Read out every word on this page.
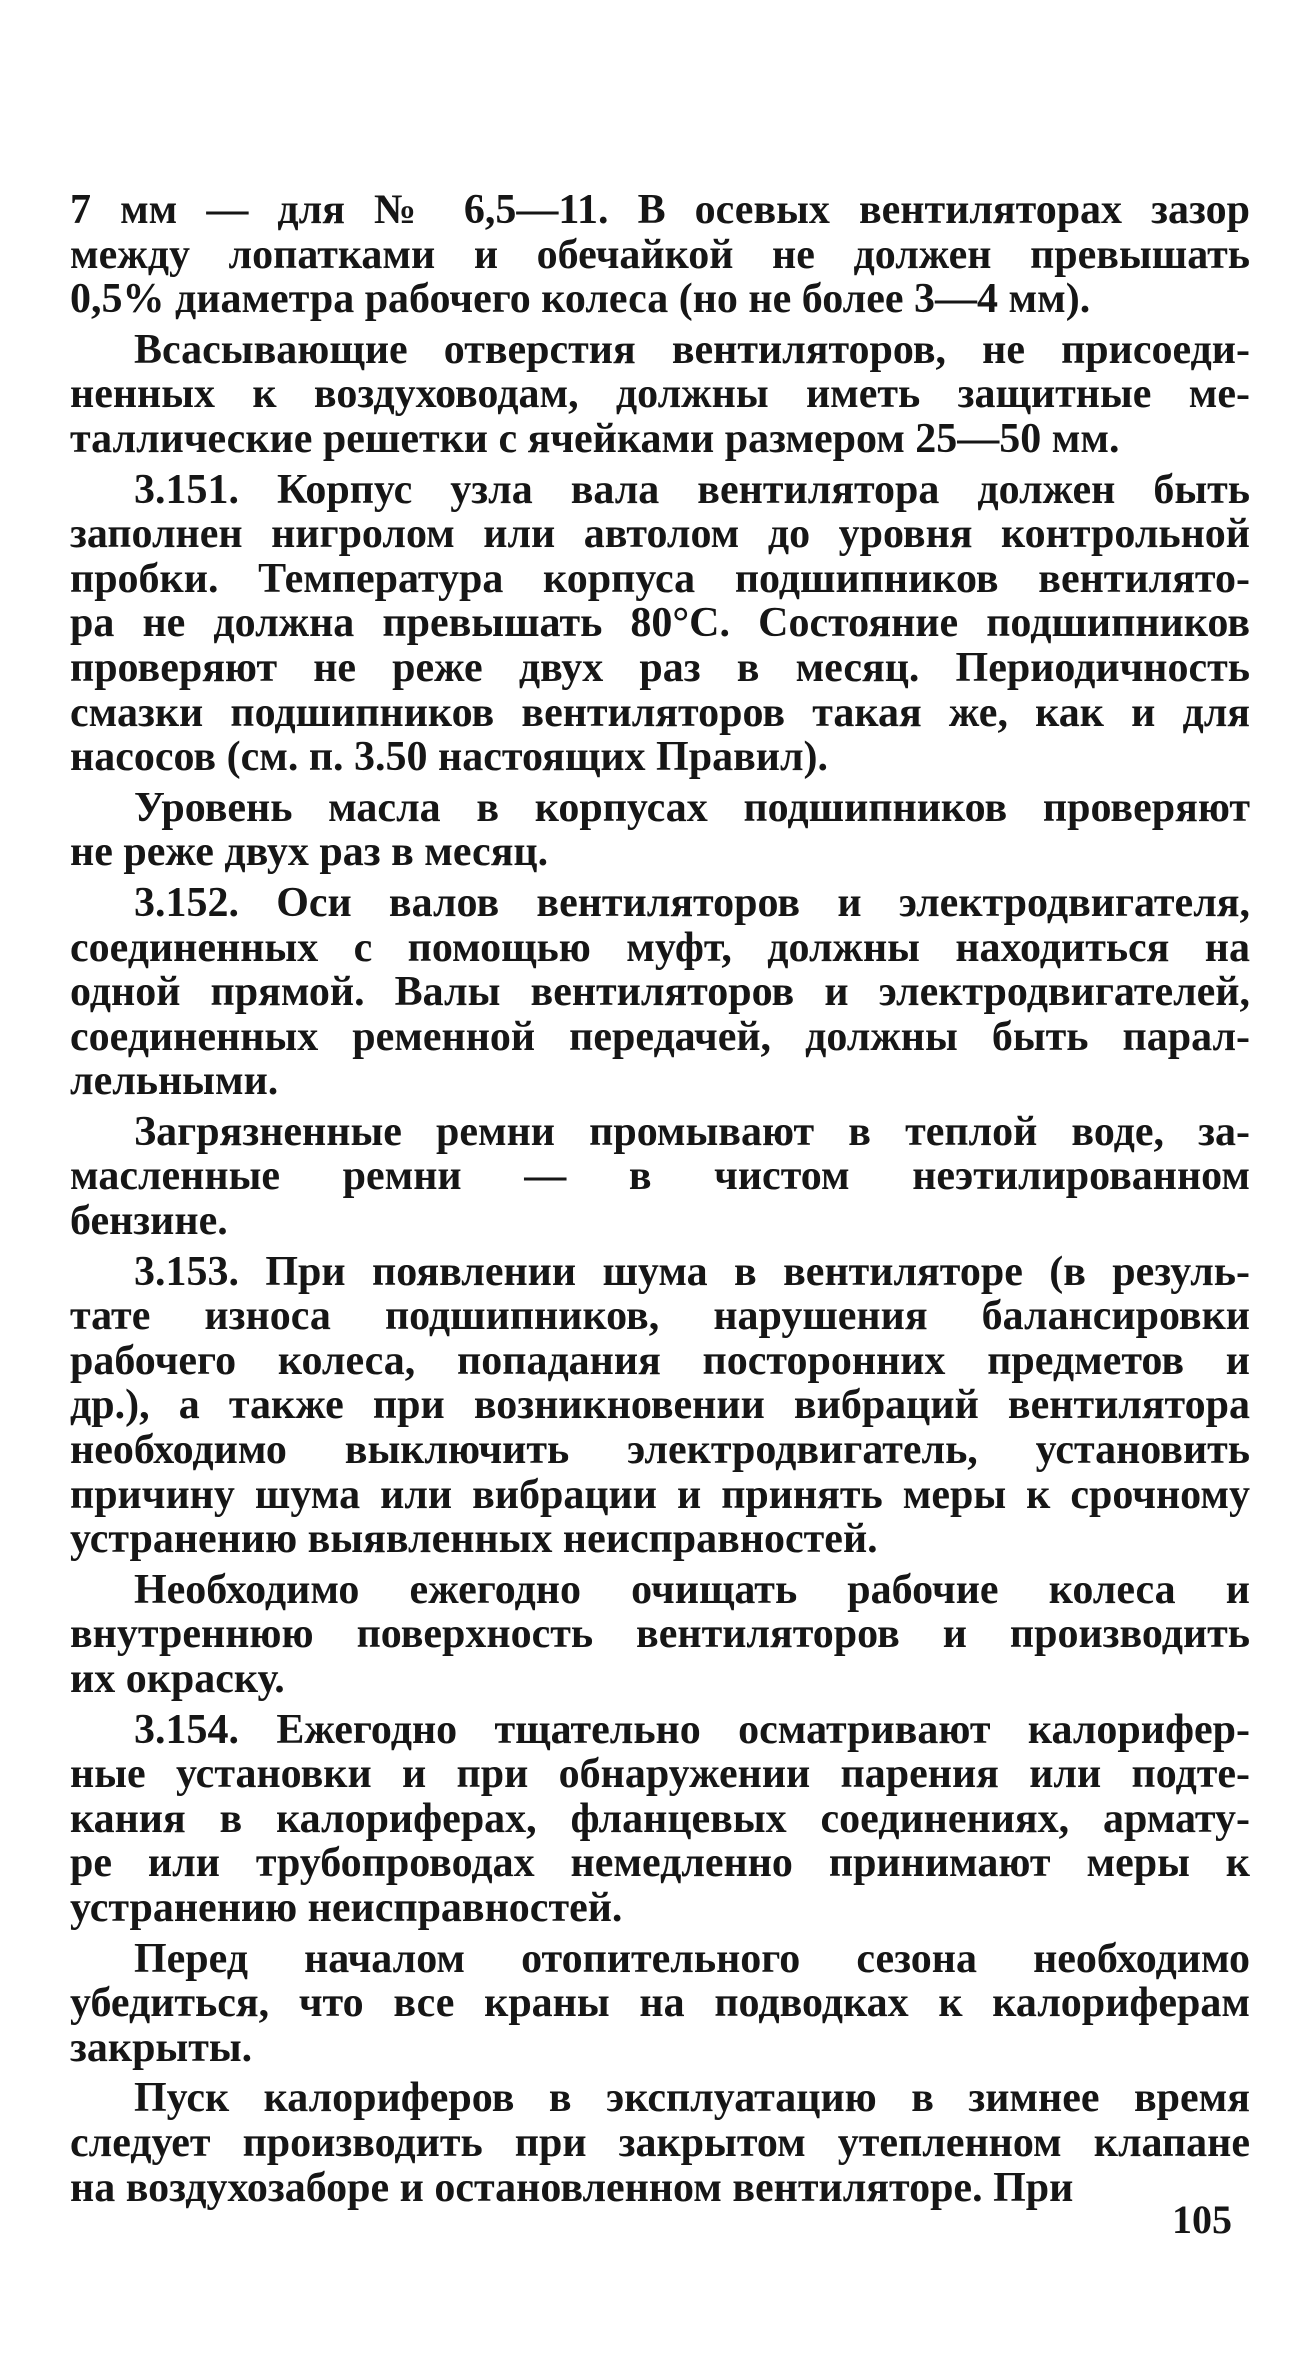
7 мм — для № 6,5—11. В осевых вентиляторах зазор
между лопатками и обечайкой не должен превышать
0,5% диаметра рабочего колеса (но не более 3—4 мм).

Всасывающие отверстия вентиляторов, не присоеди-
ненных к воздуховодам, должны иметь защитные ме-
таллические решетки с ячейками размером 25—50 мм.

3.151. Корпус узла вала вентилятора должен быть
заполнен нигролом или автолом до уровня контрольной
пробки. Температура корпуса подшипников вентилято-
ра не должна превышать 80°С. Состояние подшипников
проверяют не реже двух раз в месяц. Периодичность
смазки подшипников вентиляторов такая же, как и для
насосов (см. п. 3.50 настоящих Правил).

Уровень масла в корпусах подшипников проверяют
не реже двух раз в месяц.

3.152. Оси валов вентиляторов и электродвигателя,
соединенных с помощью муфт, должны находиться на
одной прямой. Валы вентиляторов и электродвигателей,
соединенных ременной передачей, должны быть парал-
лельными.

Загрязненные ремни промывают в теплой воде, за-
масленные ремни — в чистом неэтилированном
бензине.

3.153. При появлении шума в вентиляторе (в резуль-
тате износа подшипников, нарушения балансировки
рабочего колеса, попадания посторонних предметов и
др.), а также при возникновении вибраций вентилятора
необходимо выключить электродвигатель, установить
причину шума или вибрации и принять меры к срочному
устранению выявленных неисправностей.

Необходимо ежегодно очищать рабочие колеса и
внутреннюю поверхность вентиляторов и производить
их окраску.

3.154. Ежегодно тщательно осматривают калорифер-
ные установки и при обнаружении парения или подте-
кания в калориферах, фланцевых соединениях, армату-
ре или трубопроводах немедленно принимают меры к
устранению неисправностей.

Перед началом отопительного сезона необходимо
убедиться, что все краны на подводках к калориферам
закрыты.

Пуск калориферов в эксплуатацию в зимнее время
следует производить при закрытом утепленном клапане
на воздухозаборе и остановленном вентиляторе. При

105
